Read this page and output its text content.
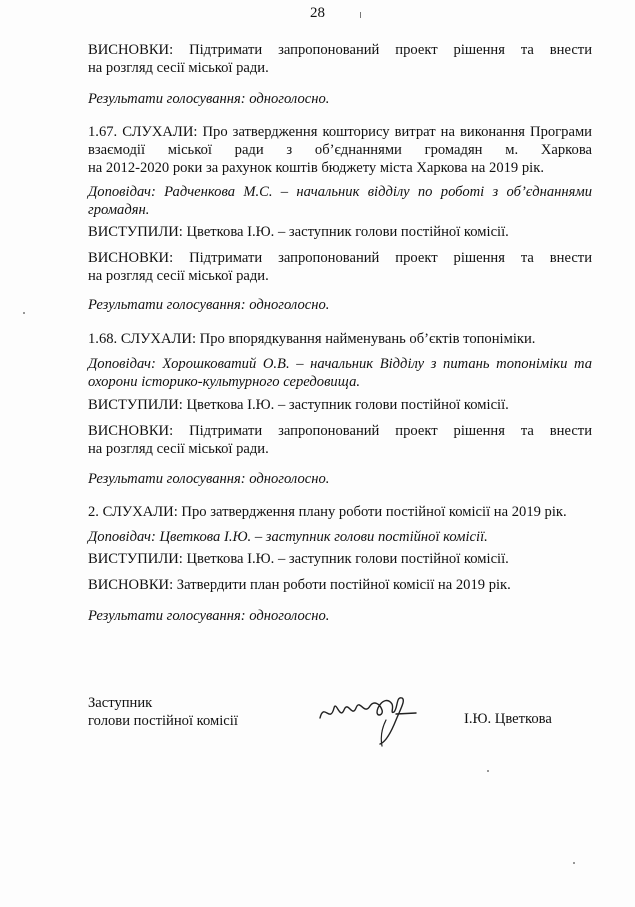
28
ВИСНОВКИ: Підтримати запропонований проект рішення та внести
на розгляд сесії міської ради.
Результати голосування: одноголосно.
1.67. СЛУХАЛИ: Про затвердження кошторису витрат на виконання Програми
взаємодії міської ради з об’єднаннями громадян м. Харкова
на 2012-2020 роки за рахунок коштів бюджету міста Харкова на 2019 рік.
Доповідач: Радченкова М.С. – начальник відділу по роботі з об’єднаннями
громадян.
ВИСТУПИЛИ: Цветкова І.Ю. – заступник голови постійної комісії.
ВИСНОВКИ: Підтримати запропонований проект рішення та внести
на розгляд сесії міської ради.
Результати голосування: одноголосно.
1.68. СЛУХАЛИ: Про впорядкування найменувань об’єктів топоніміки.
Доповідач: Хорошковатий О.В. – начальник Відділу з питань топоніміки та
охорони історико-культурного середовища.
ВИСТУПИЛИ: Цветкова І.Ю. – заступник голови постійної комісії.
ВИСНОВКИ: Підтримати запропонований проект рішення та внести
на розгляд сесії міської ради.
Результати голосування: одноголосно.
2. СЛУХАЛИ: Про затвердження плану роботи постійної комісії на 2019 рік.
Доповідач: Цветкова І.Ю. – заступник голови постійної комісії.
ВИСТУПИЛИ: Цветкова І.Ю. – заступник голови постійної комісії.
ВИСНОВКИ: Затвердити план роботи постійної комісії на 2019 рік.
Результати голосування: одноголосно.
Заступник
голови постійної комісії	І.Ю. Цветкова
